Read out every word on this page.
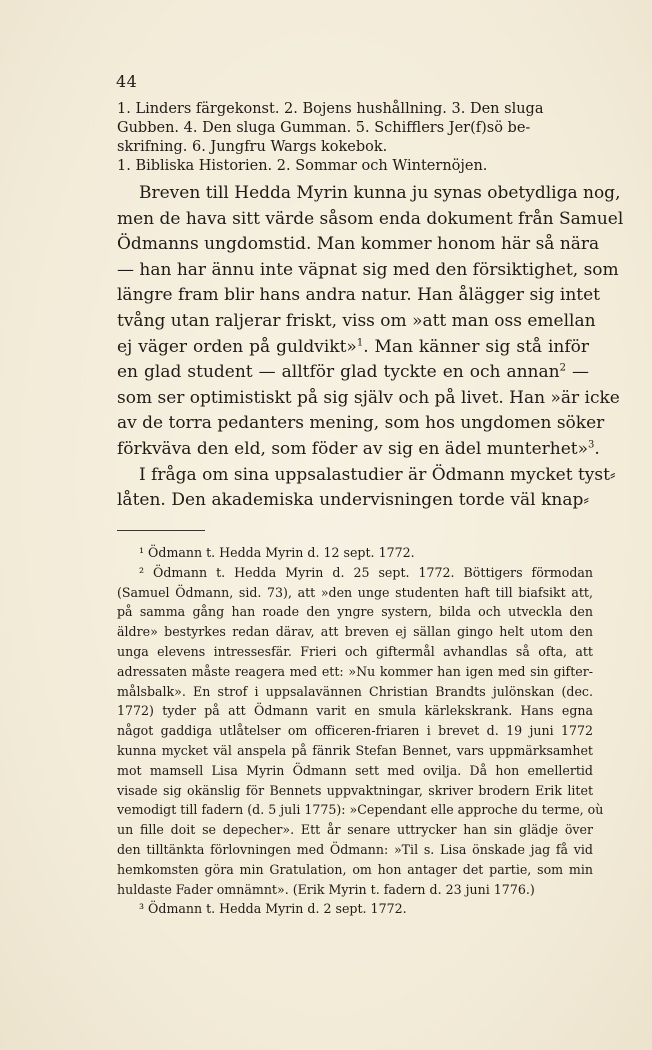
44
1. Linders färgekonst. 2. Bojens hushållning. 3. Den sluga
Gubben. 4. Den sluga Gumman. 5. Schifflers Jer(f)sö be-
skrifning. 6. Jungfru Wargs kokebok.
1. Bibliska Historien. 2. Sommar och Winternöjen.
Breven till Hedda Myrin kunna ju synas obetydliga nog,
men de hava sitt värde såsom enda dokument från Samuel
Ödmanns ungdomstid. Man kommer honom här så nära
— han har ännu inte väpnat sig med den försiktighet, som
längre fram blir hans andra natur. Han ålägger sig intet
tvång utan raljerar friskt, viss om »att man oss emellan
ej väger orden på guldvikt»$^1$. Man känner sig stå inför
en glad student — alltför glad tyckte en och annan$^2$ —
som ser optimistiskt på sig själv och på livet. Han »är icke
av de torra pedanters mening, som hos ungdomen söker
förkväva den eld, som föder av sig en ädel munterhet»$^3$.
I fråga om sina uppsalastudier är Ödmann mycket tyst⸗
låten. Den akademiska undervisningen torde väl knap⸗
¹ Ödmann t. Hedda Myrin d. 12 sept. 1772.
² Ödmann t. Hedda Myrin d. 25 sept. 1772. Böttigers förmodan
(Samuel Ödmann, sid. 73), att »den unge studenten haft till biafsikt att,
på samma gång han roade den yngre systern, bilda och utveckla den
äldre» bestyrkes redan därav, att breven ej sällan gingo helt utom den
unga elevens intressesfär. Frieri och giftermål avhandlas så ofta, att
adressaten måste reagera med ett: »Nu kommer han igen med sin gifter-
målsbalk». En strof i uppsalavännen Christian Brandts julönskan (dec.
1772) tyder på att Ödmann varit en smula kärlekskrank. Hans egna
något gaddiga utlåtelser om officeren-friaren i brevet d. 19 juni 1772
kunna mycket väl anspela på fänrik Stefan Bennet, vars uppmärksamhet
mot mamsell Lisa Myrin Ödmann sett med ovilja. Då hon emellertid
visade sig okänslig för Bennets uppvaktningar, skriver brodern Erik litet
vemodigt till fadern (d. 5 juli 1775): »Cependant elle approche du terme, où
un fille doit se depecher». Ett år senare uttrycker han sin glädje över
den tilltänkta förlovningen med Ödmann: »Til s. Lisa önskade jag få vid
hemkomsten göra min Gratulation, om hon antager det partie, som min
huldaste Fader omnämnt». (Erik Myrin t. fadern d. 23 juni 1776.)
³ Ödmann t. Hedda Myrin d. 2 sept. 1772.
